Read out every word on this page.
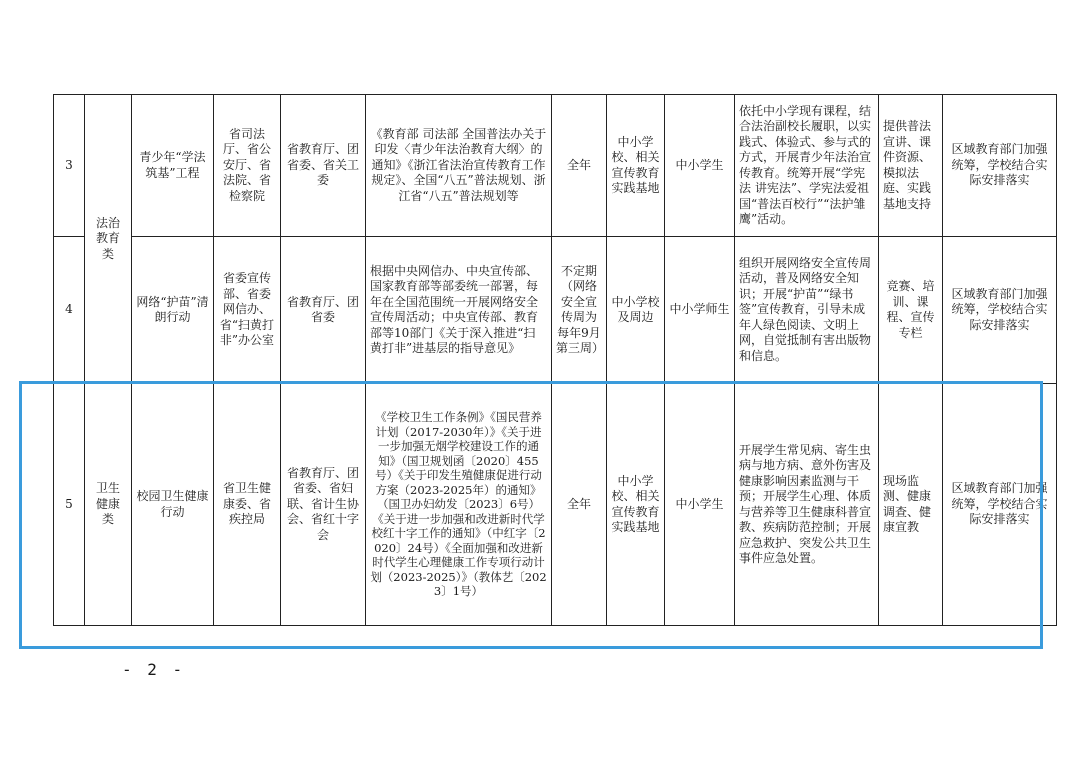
3	法治教育类	青少年“学法筑基”工程	省司法厅、省公安厅、省法院、省检察院	省教育厅、团省委、省关工委	《教育部 司法部 全国普法办关于印发〈青少年法治教育大纲〉的通知》《浙江省法治宣传教育工作规定》、全国“八五”普法规划、浙江省“八五”普法规划等	全年	中小学校、相关宣传教育实践基地	中小学生	依托中小学现有课程，结合法治副校长履职，以实践式、体验式、参与式的方式，开展青少年法治宣传教育。统筹开展“学宪法 讲宪法”、学宪法爱祖国“普法百校行”“法护雏鹰”活动。	提供普法宣讲、课件资源、模拟法庭、实践基地支持	区域教育部门加强统筹，学校结合实际安排落实

4		网络“护苗”清朗行动	省委宣传部、省委网信办、省“扫黄打非”办公室	省教育厅、团省委	根据中央网信办、中央宣传部、国家教育部等部委统一部署，每年在全国范围统一开展网络安全宣传周活动；中央宣传部、教育部等10部门《关于深入推进“扫黄打非”进基层的指导意见》	不定期（网络安全宣传周为每年9月第三周）	中小学校及周边	中小学师生	组织开展网络安全宣传周活动，普及网络安全知识；开展“护苗”“绿书签”宣传教育，引导未成年人绿色阅读、文明上网，自觉抵制有害出版物和信息。	竞赛、培训、课程、宣传专栏	区域教育部门加强统筹，学校结合实际安排落实

5	卫生健康类	校园卫生健康行动	省卫生健康委、省疾控局	省教育厅、团省委、省妇联、省计生协会、省红十字会	《学校卫生工作条例》《国民营养计划（2017-2030年）》《关于进一步加强无烟学校建设工作的通知》（国卫规划函〔2020〕455号）《关于印发生殖健康促进行动方案（2023-2025年）的通知》（国卫办妇幼发〔2023〕6号）《关于进一步加强和改进新时代学校红十字工作的通知》（中红字〔2020〕24号）《全面加强和改进新时代学生心理健康工作专项行动计划（2023-2025）》（教体艺〔2023〕1号）	全年	中小学校、相关宣传教育实践基地	中小学生	开展学生常见病、寄生虫病与地方病、意外伤害及健康影响因素监测与干预；开展学生心理、体质与营养等卫生健康科普宣教、疾病防范控制；开展应急救护、突发公共卫生事件应急处置。	现场监测、健康调查、健康宣教	区域教育部门加强统筹，学校结合实际安排落实
- 2 -
